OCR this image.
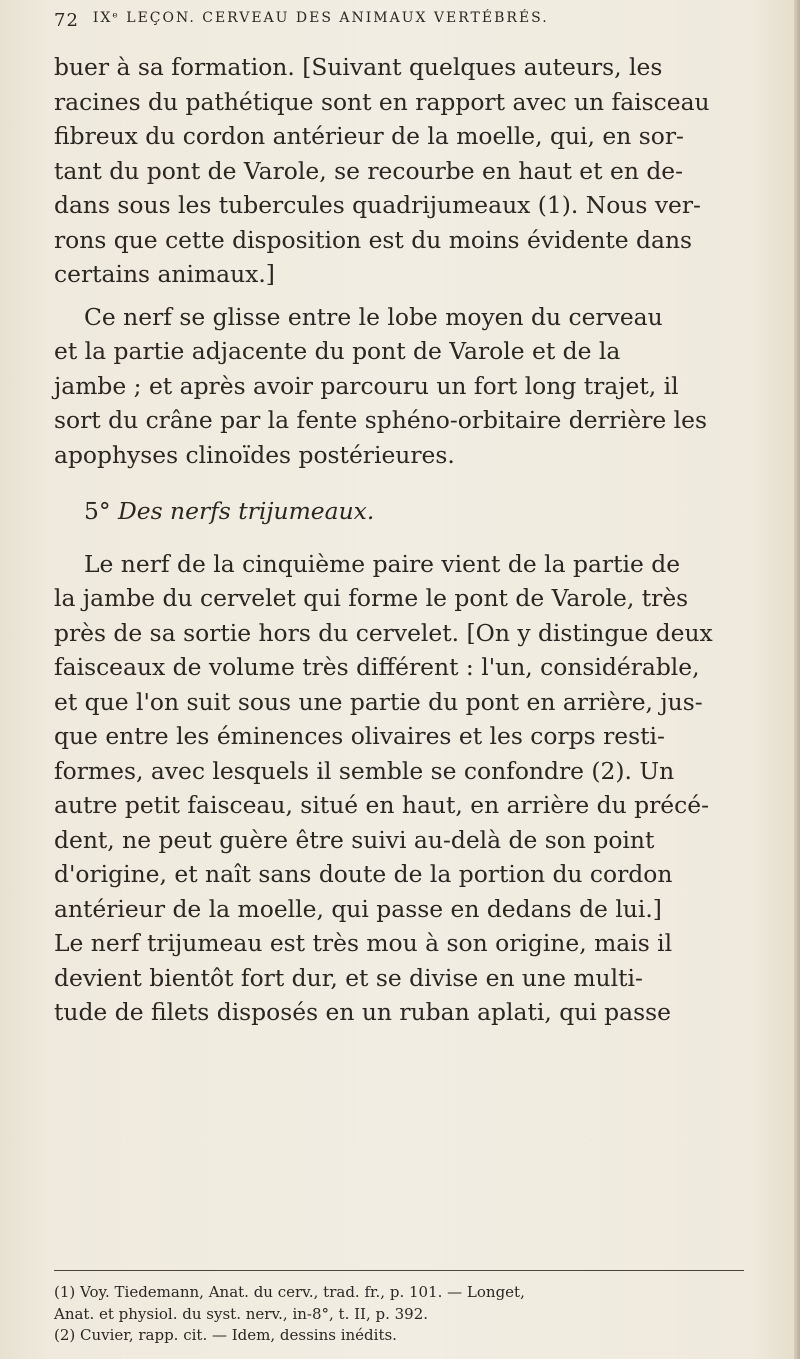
72 IXᵉ LEÇON. CERVEAU DES ANIMAUX VERTÉBRÉS.

buer à sa formation. [Suivant quelques auteurs, les
racines du pathétique sont en rapport avec un faisceau
fibreux du cordon antérieur de la moelle, qui, en sor-
tant du pont de Varole, se recourbe en haut et en de-
dans sous les tubercules quadrijumeaux (1). Nous ver-
rons que cette disposition est du moins évidente dans
certains animaux.]

Ce nerf se glisse entre le lobe moyen du cerveau
et la partie adjacente du pont de Varole et de la
jambe ; et après avoir parcouru un fort long trajet, il
sort du crâne par la fente sphéno-orbitaire derrière les
apophyses clinoïdes postérieures.

5° Des nerfs trijumeaux.

Le nerf de la cinquième paire vient de la partie de
la jambe du cervelet qui forme le pont de Varole, très
près de sa sortie hors du cervelet. [On y distingue deux
faisceaux de volume très différent : l'un, considérable,
et que l'on suit sous une partie du pont en arrière, jus-
que entre les éminences olivaires et les corps resti-
formes, avec lesquels il semble se confondre (2). Un
autre petit faisceau, situé en haut, en arrière du précé-
dent, ne peut guère être suivi au-delà de son point
d'origine, et naît sans doute de la portion du cordon
antérieur de la moelle, qui passe en dedans de lui.]
Le nerf trijumeau est très mou à son origine, mais il
devient bientôt fort dur, et se divise en une multi-
tude de filets disposés en un ruban aplati, qui passe

(1) Voy. Tiedemann, Anat. du cerv., trad. fr., p. 101. — Longet,
Anat. et physiol. du syst. nerv., in-8°, t. II, p. 392.
(2) Cuvier, rapp. cit. — Idem, dessins inédits.
